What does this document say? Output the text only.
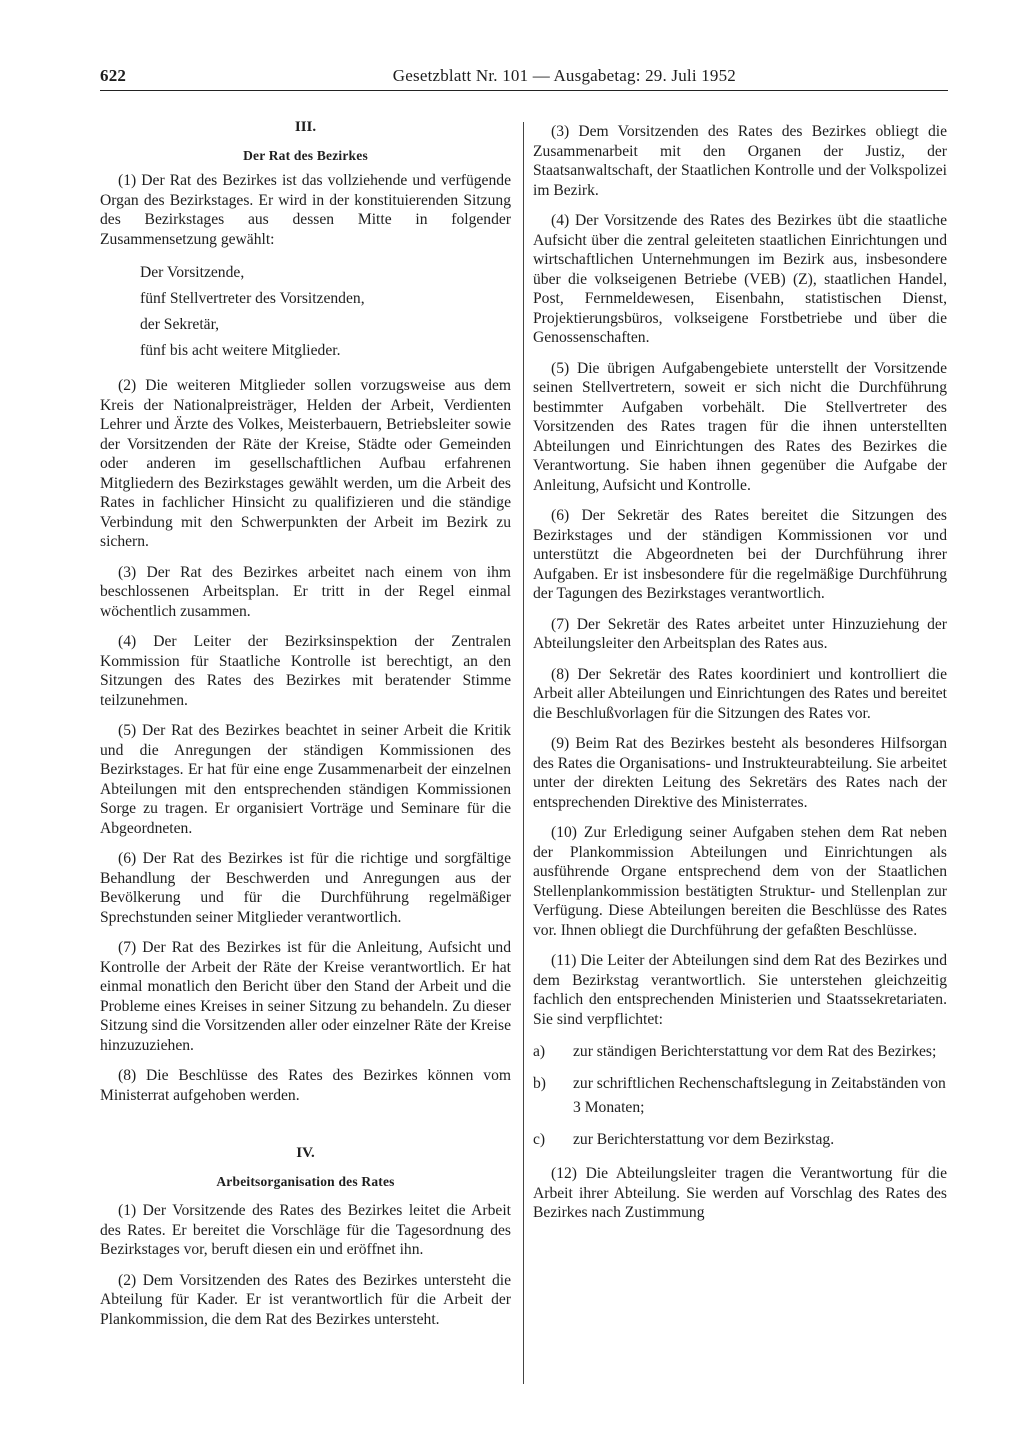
622	Gesetzblatt Nr. 101 — Ausgabetag: 29. Juli 1952
III.
Der Rat des Bezirkes

(1) Der Rat des Bezirkes ist das vollziehende und verfügende Organ des Bezirkstages. Er wird in der konstituierenden Sitzung des Bezirkstages aus dessen Mitte in folgender Zusammensetzung gewählt:

Der Vorsitzende,
fünf Stellvertreter des Vorsitzenden,
der Sekretär,
fünf bis acht weitere Mitglieder.

(2) Die weiteren Mitglieder sollen vorzugsweise aus dem Kreis der Nationalpreisträger, Helden der Arbeit, Verdienten Lehrer und Ärzte des Volkes, Meisterbauern, Betriebsleiter sowie der Vorsitzenden der Räte der Kreise, Städte oder Gemeinden oder anderen im gesellschaftlichen Aufbau erfahrenen Mitgliedern des Bezirkstages gewählt werden, um die Arbeit des Rates in fachlicher Hinsicht zu qualifizieren und die ständige Verbindung mit den Schwerpunkten der Arbeit im Bezirk zu sichern.

(3) Der Rat des Bezirkes arbeitet nach einem von ihm beschlossenen Arbeitsplan. Er tritt in der Regel einmal wöchentlich zusammen.

(4) Der Leiter der Bezirksinspektion der Zentralen Kommission für Staatliche Kontrolle ist berechtigt, an den Sitzungen des Rates des Bezirkes mit beratender Stimme teilzunehmen.

(5) Der Rat des Bezirkes beachtet in seiner Arbeit die Kritik und die Anregungen der ständigen Kommissionen des Bezirkstages. Er hat für eine enge Zusammenarbeit der einzelnen Abteilungen mit den entsprechenden ständigen Kommissionen Sorge zu tragen. Er organisiert Vorträge und Seminare für die Abgeordneten.

(6) Der Rat des Bezirkes ist für die richtige und sorgfältige Behandlung der Beschwerden und Anregungen aus der Bevölkerung und für die Durchführung regelmäßiger Sprechstunden seiner Mitglieder verantwortlich.

(7) Der Rat des Bezirkes ist für die Anleitung, Aufsicht und Kontrolle der Arbeit der Räte der Kreise verantwortlich. Er hat einmal monatlich den Bericht über den Stand der Arbeit und die Probleme eines Kreises in seiner Sitzung zu behandeln. Zu dieser Sitzung sind die Vorsitzenden aller oder einzelner Räte der Kreise hinzuzuziehen.

(8) Die Beschlüsse des Rates des Bezirkes können vom Ministerrat aufgehoben werden.

IV.
Arbeitsorganisation des Rates

(1) Der Vorsitzende des Rates des Bezirkes leitet die Arbeit des Rates. Er bereitet die Vorschläge für die Tagesordnung des Bezirkstages vor, beruft diesen ein und eröffnet ihn.

(2) Dem Vorsitzenden des Rates des Bezirkes untersteht die Abteilung für Kader. Er ist verantwortlich für die Arbeit der Plankommission, die dem Rat des Bezirkes untersteht.

(3) Dem Vorsitzenden des Rates des Bezirkes obliegt die Zusammenarbeit mit den Organen der Justiz, der Staatsanwaltschaft, der Staatlichen Kontrolle und der Volkspolizei im Bezirk.

(4) Der Vorsitzende des Rates des Bezirkes übt die staatliche Aufsicht über die zentral geleiteten staatlichen Einrichtungen und wirtschaftlichen Unternehmungen im Bezirk aus, insbesondere über die volkseigenen Betriebe (VEB) (Z), staatlichen Handel, Post, Fernmeldewesen, Eisenbahn, statistischen Dienst, Projektierungsbüros, volkseigene Forstbetriebe und über die Genossenschaften.

(5) Die übrigen Aufgabengebiete unterstellt der Vorsitzende seinen Stellvertretern, soweit er sich nicht die Durchführung bestimmter Aufgaben vorbehält. Die Stellvertreter des Vorsitzenden des Rates tragen für die ihnen unterstellten Abteilungen und Einrichtungen des Rates des Bezirkes die Verantwortung. Sie haben ihnen gegenüber die Aufgabe der Anleitung, Aufsicht und Kontrolle.

(6) Der Sekretär des Rates bereitet die Sitzungen des Bezirkstages und der ständigen Kommissionen vor und unterstützt die Abgeordneten bei der Durchführung ihrer Aufgaben. Er ist insbesondere für die regelmäßige Durchführung der Tagungen des Bezirkstages verantwortlich.

(7) Der Sekretär des Rates arbeitet unter Hinzuziehung der Abteilungsleiter den Arbeitsplan des Rates aus.

(8) Der Sekretär des Rates koordiniert und kontrolliert die Arbeit aller Abteilungen und Einrichtungen des Rates und bereitet die Beschlußvorlagen für die Sitzungen des Rates vor.

(9) Beim Rat des Bezirkes besteht als besonderes Hilfsorgan des Rates die Organisations- und Instrukteurabteilung. Sie arbeitet unter der direkten Leitung des Sekretärs des Rates nach der entsprechenden Direktive des Ministerrates.

(10) Zur Erledigung seiner Aufgaben stehen dem Rat neben der Plankommission Abteilungen und Einrichtungen als ausführende Organe entsprechend dem von der Staatlichen Stellenplankommission bestätigten Struktur- und Stellenplan zur Verfügung. Diese Abteilungen bereiten die Beschlüsse des Rates vor. Ihnen obliegt die Durchführung der gefaßten Beschlüsse.

(11) Die Leiter der Abteilungen sind dem Rat des Bezirkes und dem Bezirkstag verantwortlich. Sie unterstehen gleichzeitig fachlich den entsprechenden Ministerien und Staatssekretariaten. Sie sind verpflichtet:

a) zur ständigen Berichterstattung vor dem Rat des Bezirkes;
b) zur schriftlichen Rechenschaftslegung in Zeitabständen von 3 Monaten;
c) zur Berichterstattung vor dem Bezirkstag.

(12) Die Abteilungsleiter tragen die Verantwortung für die Arbeit ihrer Abteilung. Sie werden auf Vorschlag des Rates des Bezirkes nach Zustimmung
